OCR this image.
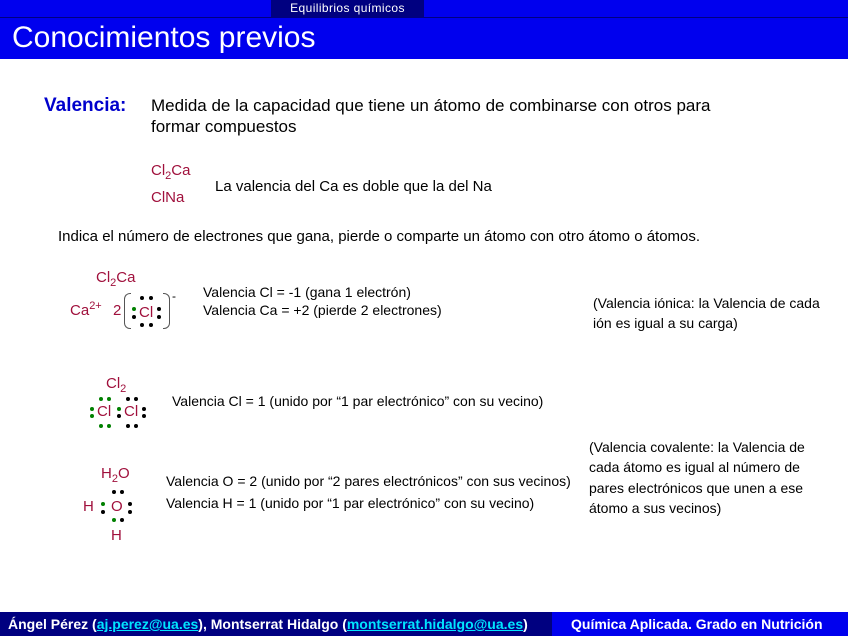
Equilibrios químicos
Conocimientos previos
Valencia: Medida de la capacidad que tiene un átomo de combinarse con otros para
formar compuestos
$Cl_2Ca$
ClNa
La valencia del Ca es doble que la del Na
Indica el número de electrones que gana, pierde o comparte un átomo con otro átomo o átomos.
$Cl_2Ca$
$Ca^{2+}$ 2 Cl
- Valencia Cl = -1 (gana 1 electrón)
Valencia Ca = +2 (pierde 2 electrones)	(Valencia iónica: la Valencia de cada
ión es igual a su carga)
$Cl_2$
Cl Cl
Valencia Cl = 1 (unido por “1 par electrónico” con su vecino)
(Valencia covalente: la Valencia de
cada átomo es igual al número de
pares electrónicos que unen a ese
átomo a sus vecinos)
$H_2O$
H O
H
Valencia O = 2 (unido por “2 pares electrónicos” con sus vecinos)
Valencia H = 1 (unido por “1 par electrónico” con su vecino)
Ángel Pérez (aj.perez@ua.es), Montserrat Hidalgo (montserrat.hidalgo@ua.es)	Química Aplicada. Grado en Nutrición
